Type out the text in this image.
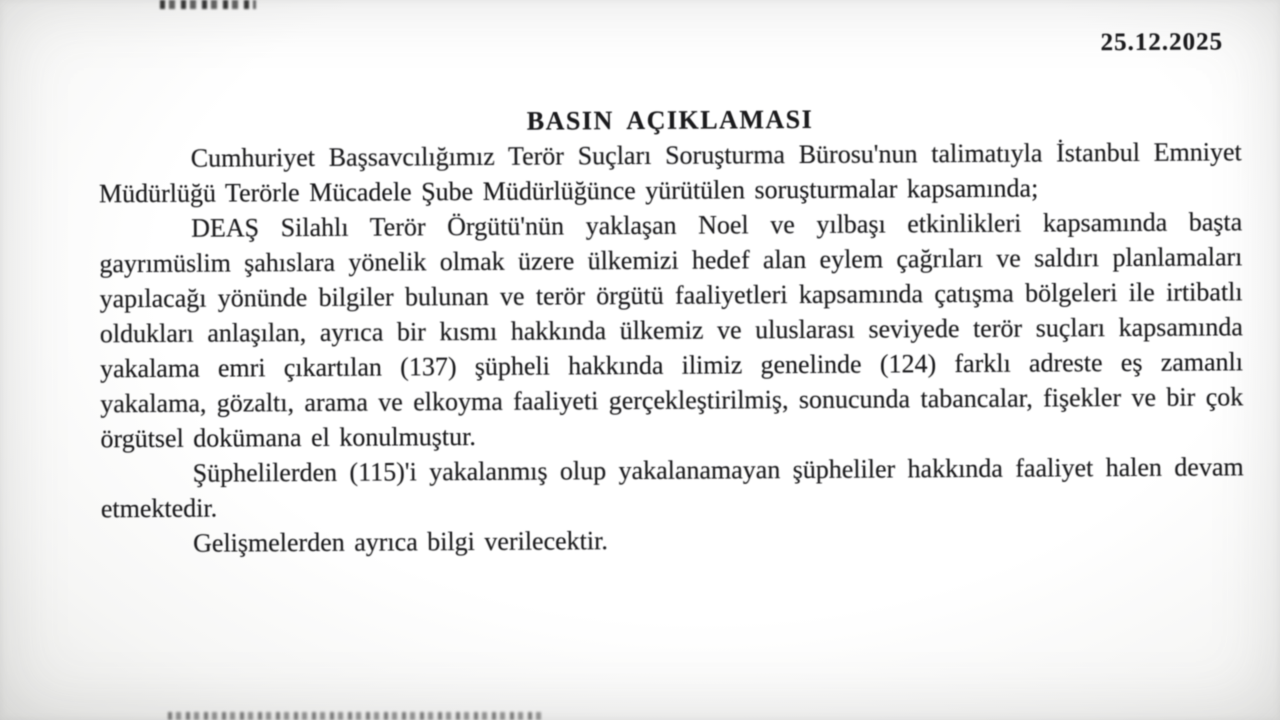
25.12.2025
BASIN AÇIKLAMASI

Cumhuriyet Başsavcılığımız Terör Suçları Soruşturma Bürosu'nun talimatıyla İstanbul Emniyet Müdürlüğü Terörle Mücadele Şube Müdürlüğünce yürütülen soruşturmalar kapsamında;

DEAŞ Silahlı Terör Örgütü'nün yaklaşan Noel ve yılbaşı etkinlikleri kapsamında başta gayrımüslim şahıslara yönelik olmak üzere ülkemizi hedef alan eylem çağrıları ve saldırı planlamaları yapılacağı yönünde bilgiler bulunan ve terör örgütü faaliyetleri kapsamında çatışma bölgeleri ile irtibatlı oldukları anlaşılan, ayrıca bir kısmı hakkında ülkemiz ve uluslarası seviyede terör suçları kapsamında yakalama emri çıkartılan (137) şüpheli hakkında ilimiz genelinde (124) farklı adreste eş zamanlı yakalama, gözaltı, arama ve elkoyma faaliyeti gerçekleştirilmiş, sonucunda tabancalar, fişekler ve bir çok örgütsel dokümana el konulmuştur.

Şüphelilerden (115)'i yakalanmış olup yakalanamayan şüpheliler hakkında faaliyet halen devam etmektedir.

Gelişmelerden ayrıca bilgi verilecektir.
